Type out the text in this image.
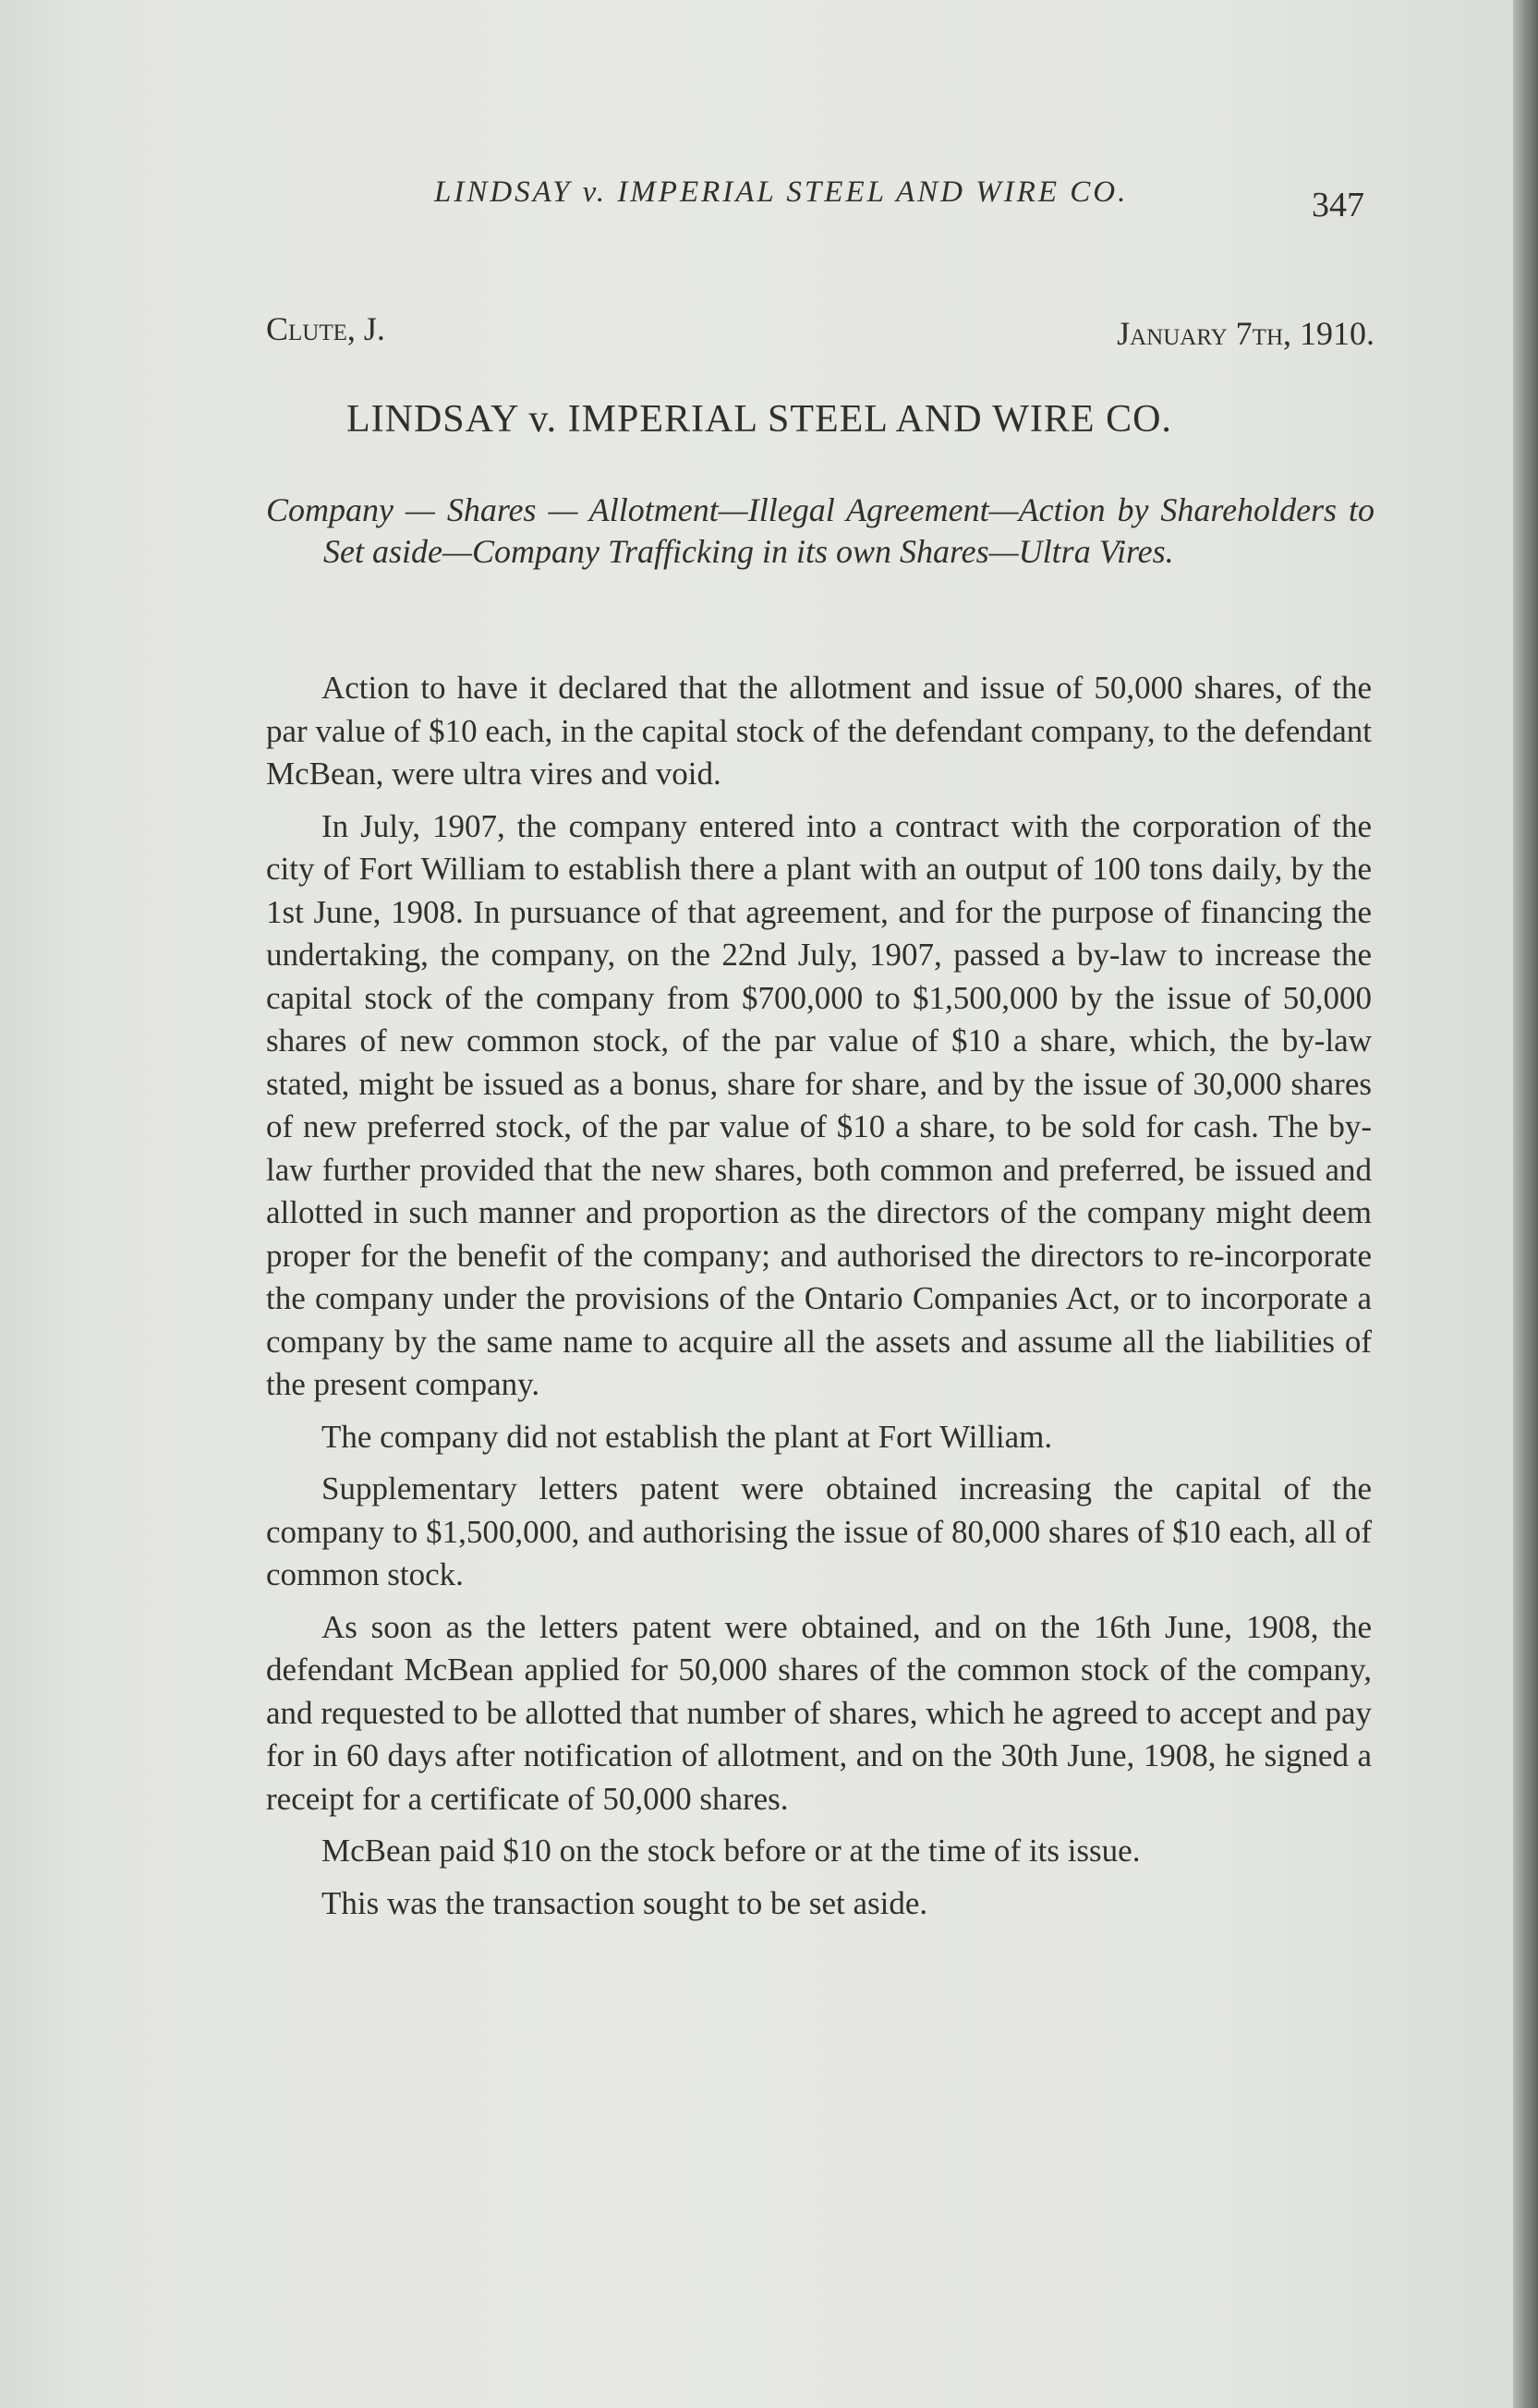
LINDSAY v. IMPERIAL STEEL AND WIRE CO.	347
Clute, J.	January 7th, 1910.
LINDSAY v. IMPERIAL STEEL AND WIRE CO.
Company — Shares — Allotment—Illegal Agreement—Action by Shareholders to Set aside—Company Trafficking in its own Shares—Ultra Vires.

Action to have it declared that the allotment and issue of 50,000 shares, of the par value of $10 each, in the capital stock of the defendant company, to the defendant McBean, were ultra vires and void.

In July, 1907, the company entered into a contract with the corporation of the city of Fort William to establish there a plant with an output of 100 tons daily, by the 1st June, 1908. In pursuance of that agreement, and for the purpose of financing the undertaking, the company, on the 22nd July, 1907, passed a by-law to increase the capital stock of the company from $700,000 to $1,500,000 by the issue of 50,000 shares of new common stock, of the par value of $10 a share, which, the by-law stated, might be issued as a bonus, share for share, and by the issue of 30,000 shares of new preferred stock, of the par value of $10 a share, to be sold for cash. The by-law further provided that the new shares, both common and preferred, be issued and allotted in such manner and proportion as the directors of the company might deem proper for the benefit of the company; and authorised the directors to re-incorporate the company under the provisions of the Ontario Companies Act, or to incorporate a company by the same name to acquire all the assets and assume all the liabilities of the present company.

The company did not establish the plant at Fort William.

Supplementary letters patent were obtained increasing the capital of the company to $1,500,000, and authorising the issue of 80,000 shares of $10 each, all of common stock.

As soon as the letters patent were obtained, and on the 16th June, 1908, the defendant McBean applied for 50,000 shares of the common stock of the company, and requested to be allotted that number of shares, which he agreed to accept and pay for in 60 days after notification of allotment, and on the 30th June, 1908, he signed a receipt for a certificate of 50,000 shares.

McBean paid $10 on the stock before or at the time of its issue.

This was the transaction sought to be set aside.
